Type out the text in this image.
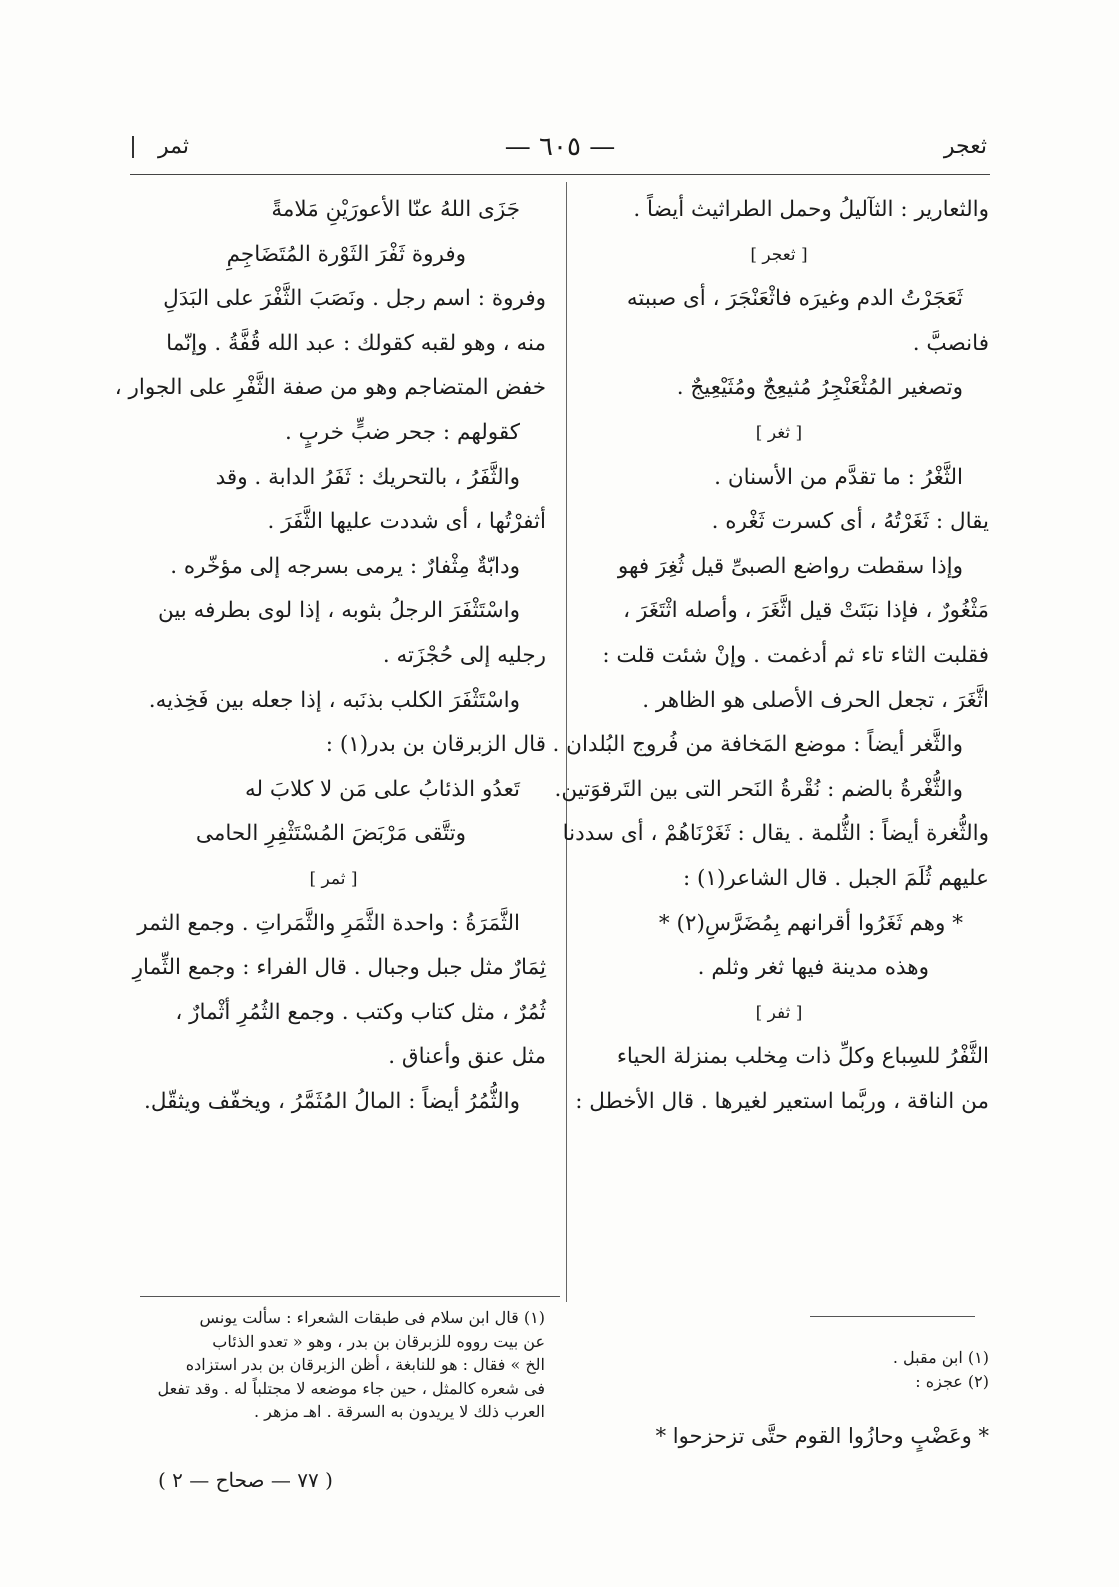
ثعجر
— ٦٠٥ —
ثمر

والثعارير : الثآليلُ وحمل الطراثيث أيضاً .

[ ثعجر ]

ثَعَجَرْتُ الدم وغيرَه فاثْعَنْجَرَ ، أى صببته

فانصبَّ .

وتصغير المُثْعَنْجِرُ مُثيعِجٌ ومُثَيْعِيجٌ .

[ ثغر ]

الثَّغْرُ : ما تقدَّم من الأسنان .

يقال : ثَغَرْتُهُ ، أى كسرت ثَغْره .

وإذا سقطت رواضع الصبىِّ قيل ثُغِرَ فهو

مَثْغُورٌ ، فإذا نبَتَتْ قيل اثَّغَرَ ، وأصله اثْتَغَرَ ،

فقلبت الثاء تاء ثم أدغمت . وإنْ شئت قلت :

اثَّغَرَ ، تجعل الحرف الأصلى هو الظاهر .

والثَّغر أيضاً : موضع المَخافة من فُروج البُلدان .

والثُّغْرةُ بالضم : نُقْرةُ النَحر التى بين التَرقوَتين.

والثُّغرة أيضاً : الثُّلمة . يقال : ثَغَرْنَاهُمْ ، أى سددنا

عليهم ثُلَمَ الجبل . قال الشاعر(١) :

* وهم ثَغَرُوا أقرانهم بِمُضَرَّسِ(٢) *

وهذه مدينة فيها ثغر وثلم .

[ ثفر ]

الثَّفْرُ للسِباع وكلِّ ذات مِخلب بمنزلة الحياء

من الناقة ، وربَّما استعير لغيرها . قال الأخطل :

جَزَى اللهُ عنّا الأعورَيْنِ مَلامةً

وفروة ثَفْرَ الثَوْرة المُتَضَاجِمِ

وفروة : اسم رجل . ونَصَبَ الثَّفْرَ على البَدَلِ

منه ، وهو لقبه كقولك : عبد الله قُفَّةُ . وإنّما

خفض المتضاجم وهو من صفة الثَّفْرِ على الجوار ،

كقولهم : جحر ضبٍّ خربٍ .

والثَّفَرُ ، بالتحريك : ثَفَرُ الدابة . وقد

أثفرْتُها ، أى شددت عليها الثَّفَرَ .

ودابّةٌ مِثْفارٌ : يرمى بسرجه إلى مؤخّره .

واسْتَثْفَرَ الرجلُ بثوبه ، إذا لوى بطرفه بين

رجليه إلى حُجْزَته .

واسْتَثْفَرَ الكلب بذنَبه ، إذا جعله بين فَخِذيه.

قال الزبرقان بن بدر(١) :

تَعدُو الذئابُ على مَن لا كلابَ له

وتتَّقى مَرْبَضَ المُسْتَثْفِرِ الحامى

[ ثمر ]

الثَّمَرَةُ : واحدة الثَّمَرِ والثَّمَراتِ . وجمع الثمر

ثِمَارٌ مثل جبل وجبال . قال الفراء : وجمع الثِّمارِ

ثُمُرٌ ، مثل كتاب وكتب . وجمع الثُمُرِ أثْمارٌ ،

مثل عنق وأعناق .

والثُّمُرُ أيضاً : المالُ المُثَمَّرُ ، ويخفّف ويثقّل.

(١) قال ابن سلام فى طبقات الشعراء : سألت يونس

عن بيت رووه للزبرقان بن بدر ، وهو « تعدو الذئاب

الخ » فقال : هو للنابغة ، أظن الزبرقان بن بدر استزاده

فى شعره كالمثل ، حين جاء موضعه لا مجتلباً له . وقد تفعل

العرب ذلك لا يريدون به السرقة . اهـ مزهر .

(١) ابن مقبل .

(٢) عجزه :

* وعَضْبٍ وحازُوا القوم حتَّى تزحزحوا *

( ٧٧ — صحاح — ٢ )
